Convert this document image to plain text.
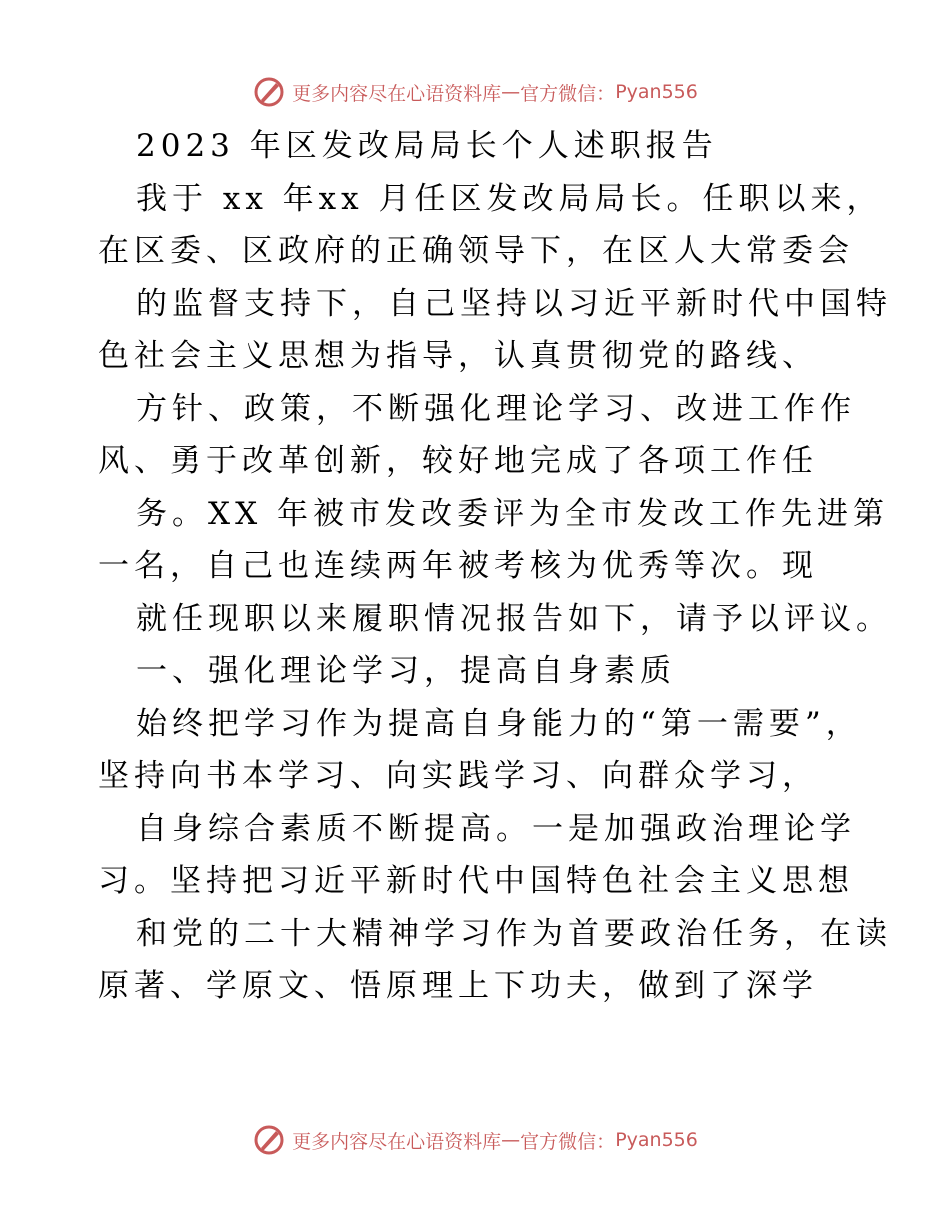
更多内容尽在心语资料库 — 官方微信： Pyan556
2023 年区发改局局长个人述职报告
我于 xx 年xx 月任区发改局局长。任职以来，
在区委、区政府的正确领导下，在区人大常委会
的监督支持下，自己坚持以习近平新时代中国特
色社会主义思想为指导，认真贯彻党的路线、
方针、政策，不断强化理论学习、改进工作作
风、勇于改革创新，较好地完成了各项工作任
务。XX 年被市发改委评为全市发改工作先进第
一名，自己也连续两年被考核为优秀等次。现
就任现职以来履职情况报告如下，请予以评议。
一、强化理论学习，提高自身素质
始终把学习作为提高自身能力的“第一需要”，
坚持向书本学习、向实践学习、向群众学习，
自身综合素质不断提高。一是加强政治理论学
习。坚持把习近平新时代中国特色社会主义思想
和党的二十大精神学习作为首要政治任务，在读
原著、学原文、悟原理上下功夫，做到了深学
更多内容尽在心语资料库 — 官方微信： Pyan556
